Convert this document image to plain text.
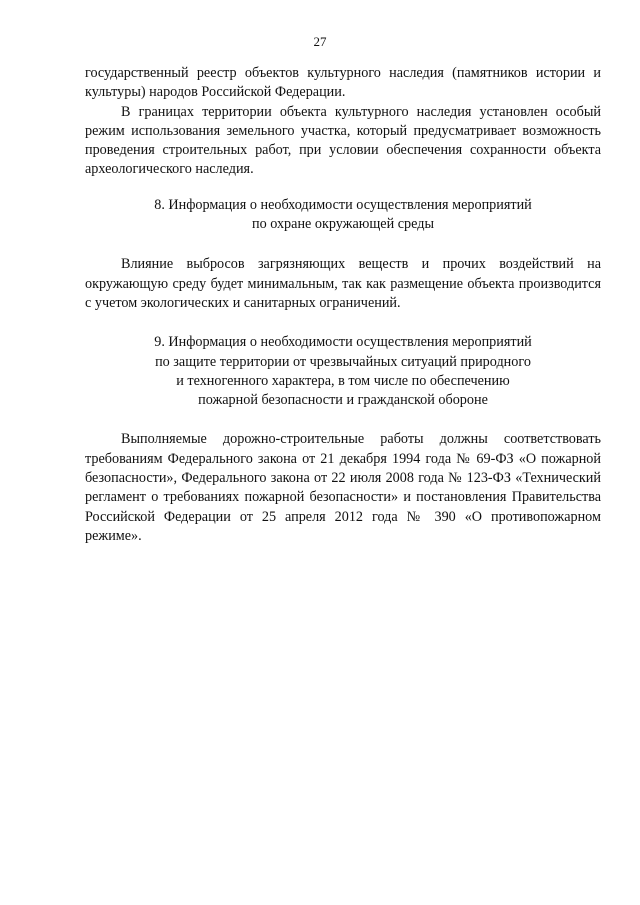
27

государственный реестр объектов культурного наследия (памятников истории и культуры) народов Российской Федерации.

В границах территории объекта культурного наследия установлен особый режим использования земельного участка, который предусматривает возможность проведения строительных работ, при условии обеспечения сохранности объекта археологического наследия.

8. Информация о необходимости осуществления мероприятий
по охране окружающей среды

Влияние выбросов загрязняющих веществ и прочих воздействий на окружающую среду будет минимальным, так как размещение объекта производится с учетом экологических и санитарных ограничений.

9. Информация о необходимости осуществления мероприятий
по защите территории от чрезвычайных ситуаций природного
и техногенного характера, в том числе по обеспечению
пожарной безопасности и гражданской обороне

Выполняемые дорожно-строительные работы должны соответствовать требованиям Федерального закона от 21 декабря 1994 года № 69-ФЗ «О пожарной безопасности», Федерального закона от 22 июля 2008 года № 123-ФЗ «Технический регламент о требованиях пожарной безопасности» и постановления Правительства Российской Федерации от 25 апреля 2012 года № 390 «О противопожарном режиме».
